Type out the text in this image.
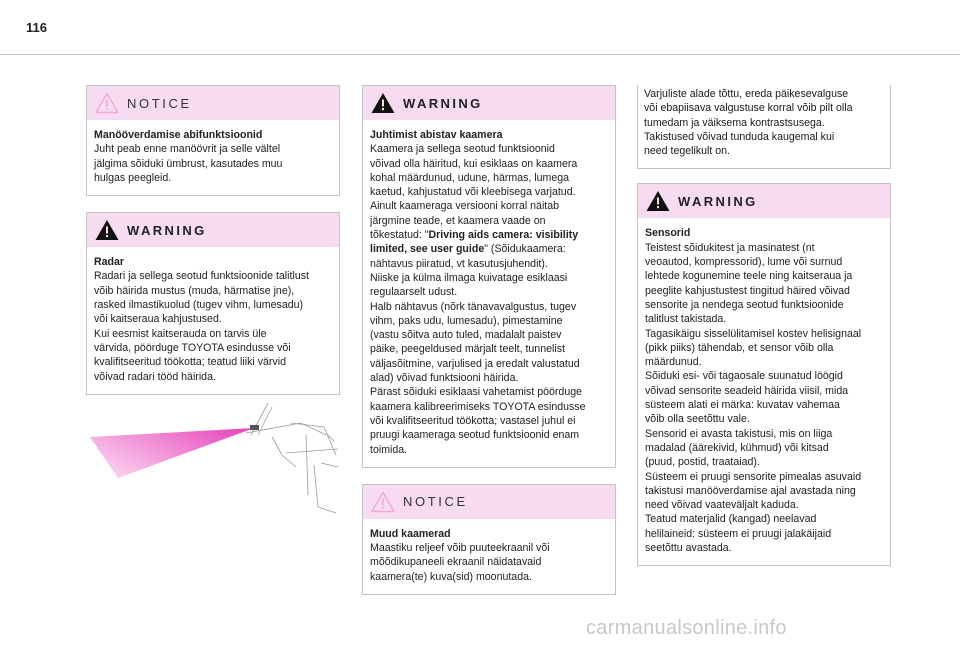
116
NOTICE

Manööverdamise abifunktsioonid

Juht peab enne manöövrit ja selle vältel

jälgima sõiduki ümbrust, kasutades muu

hulgas peegleid.

WARNING

Radar

Radari ja sellega seotud funktsioonide talitlust

võib häirida mustus (muda, härmatise jne),

rasked ilmastikuolud (tugev vihm, lumesadu)

või kaitseraua kahjustused.

Kui eesmist kaitserauda on tarvis üle

värvida, pöörduge TOYOTA esindusse või

kvalifitseeritud töökotta; teatud liiki värvid

võivad radari tööd häirida.

WARNING

Juhtimist abistav kaamera

Kaamera ja sellega seotud funktsioonid

võivad olla häiritud, kui esiklaas on kaamera

kohal määrdunud, udune, härmas, lumega

kaetud, kahjustatud või kleebisega varjatud.

Ainult kaameraga versiooni korral näitab

järgmine teade, et kaamera vaade on

tõkestatud: "Driving aids camera: visibility

limited, see user guide" (Sõidukaamera:

nähtavus piiratud, vt kasutusjuhendit).

Niiske ja külma ilmaga kuivatage esiklaasi

regulaarselt udust.

Halb nähtavus (nõrk tänavavalgustus, tugev

vihm, paks udu, lumesadu), pimestamine

(vastu sõitva auto tuled, madalalt paistev

päike, peegeldused märjalt teelt, tunnelist

väljasõitmine, varjulised ja eredalt valustatud

alad) võivad funktsiooni häirida.

Pärast sõiduki esiklaasi vahetamist pöörduge

kaamera kalibreerimiseks TOYOTA esindusse

või kvalifitseeritud töökotta; vastasel juhul ei

pruugi kaameraga seotud funktsioonid enam

toimida.

NOTICE

Muud kaamerad

Maastiku reljeef võib puuteekraanil või

mõõdikupaneeli ekraanil näidatavaid

kaamera(te) kuva(sid) moonutada.

Varjuliste alade tõttu, ereda päikesevalguse

või ebapiisava valgustuse korral võib pilt olla

tumedam ja väiksema kontrastsusega.

Takistused võivad tunduda kaugemal kui

need tegelikult on.

WARNING

Sensorid

Teistest sõidukitest ja masinatest (nt

veoautod, kompressorid), lume või surnud

lehtede kogunemine teele ning kaitseraua ja

peeglite kahjustustest tingitud häired võivad

sensorite ja nendega seotud funktsioonide

talitlust takistada.

Tagasikäigu sisselülitamisel kostev helisignaal

(pikk piiks) tähendab, et sensor võib olla

määrdunud.

Sõiduki esi- või tagaosale suunatud löögid

võivad sensorite seadeid häirida viisil, mida

süsteem alati ei märka: kuvatav vahemaa

võib olla seetõttu vale.

Sensorid ei avasta takistusi, mis on liiga

madalad (äärekivid, kühmud) või kitsad

(puud, postid, traataiad).

Süsteem ei pruugi sensorite pimealas asuvaid

takistusi manööverdamise ajal avastada ning

need võivad vaateväljalt kaduda.

Teatud materjalid (kangad) neelavad

helilaineid: süsteem ei pruugi jalakäijaid

seetõttu avastada.

carmanualsonline.info
